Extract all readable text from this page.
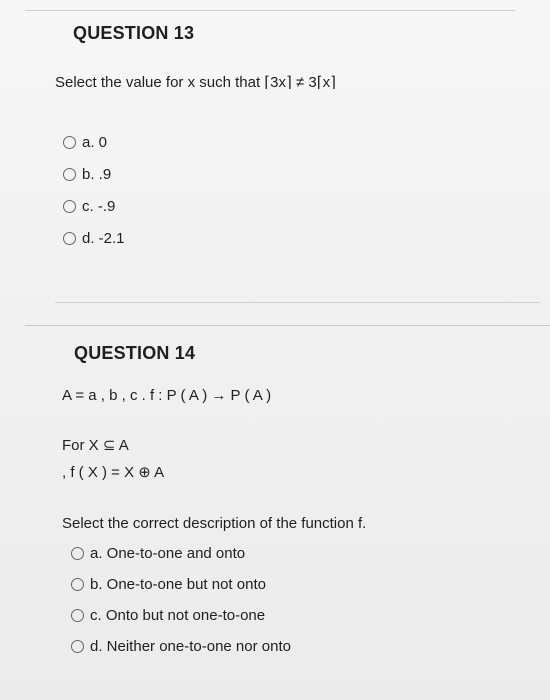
QUESTION 13
Select the value for x such that ⌈3x⌉ ≠ 3⌈x⌉
a. 0
b. .9
c. -.9
d. -2.1
QUESTION 14
A = a , b , c . f : P ( A ) → P ( A )
For X ⊆ A
, f ( X ) = X ⊕ A
Select the correct description of the function f.
a. One-to-one and onto
b. One-to-one but not onto
c. Onto but not one-to-one
d. Neither one-to-one nor onto
